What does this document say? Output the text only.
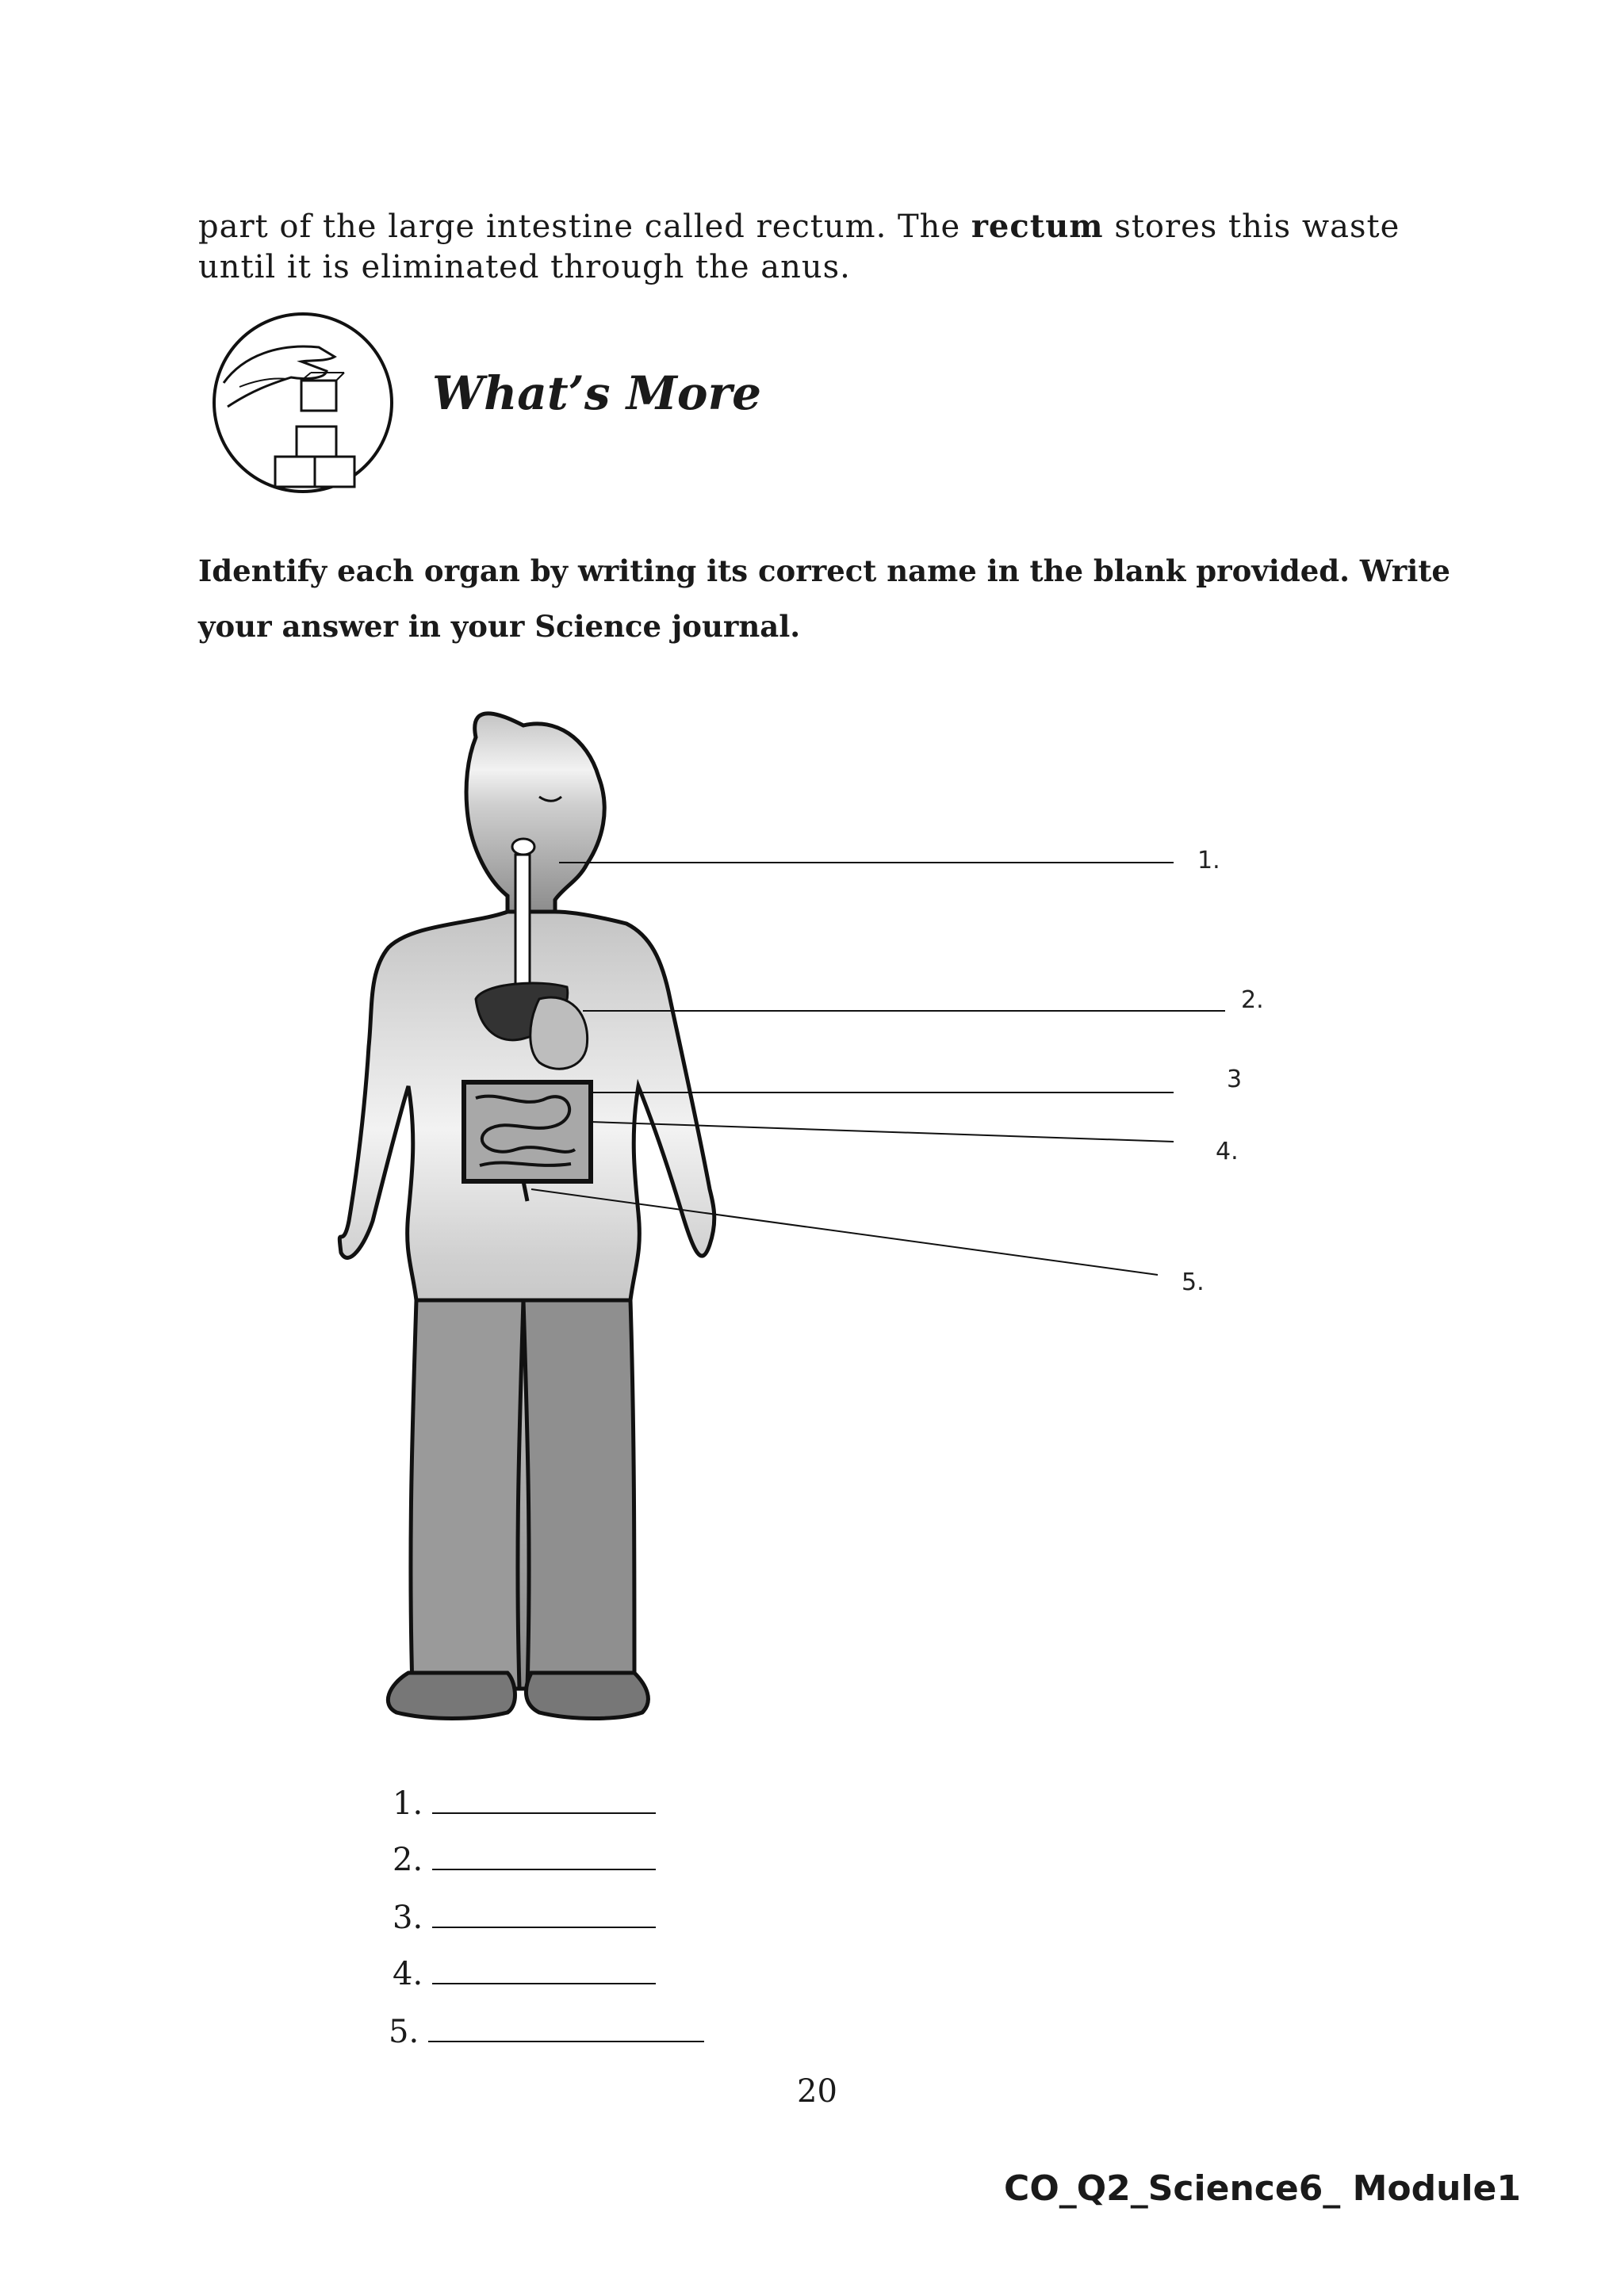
part of the large intestine called rectum. The rectum stores this waste
until it is eliminated through the anus.
What’s More
Identify each organ by writing its correct name in the blank provided. Write
your answer in your Science journal.
1.
2.
3
4.
5.
1.
2.
3.
4.
5.
20
CO_Q2_Science6_ Module1
